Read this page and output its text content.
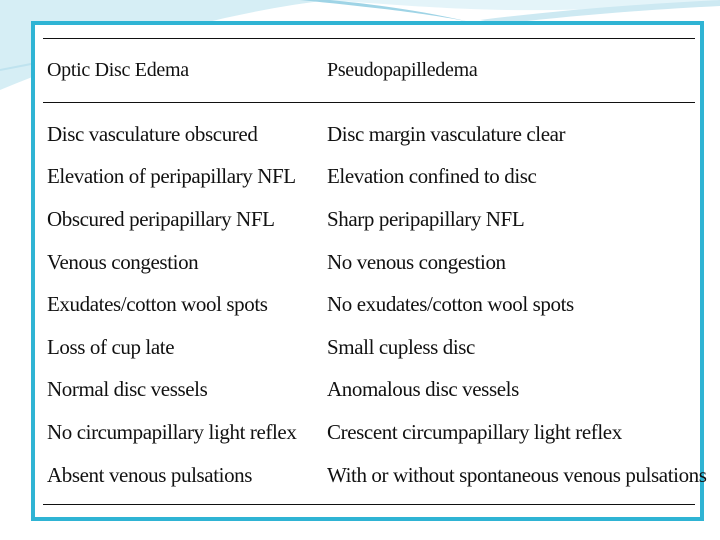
Optic Disc Edema	Pseudopapilledema
Disc vasculature obscured	Disc margin vasculature clear
Elevation of peripapillary NFL	Elevation confined to disc
Obscured peripapillary NFL	Sharp peripapillary NFL
Venous congestion	No venous congestion
Exudates/cotton wool spots	No exudates/cotton wool spots
Loss of cup late	Small cupless disc
Normal disc vessels	Anomalous disc vessels
No circumpapillary light reflex	Crescent circumpapillary light reflex
Absent venous pulsations	With or without spontaneous venous pulsations
